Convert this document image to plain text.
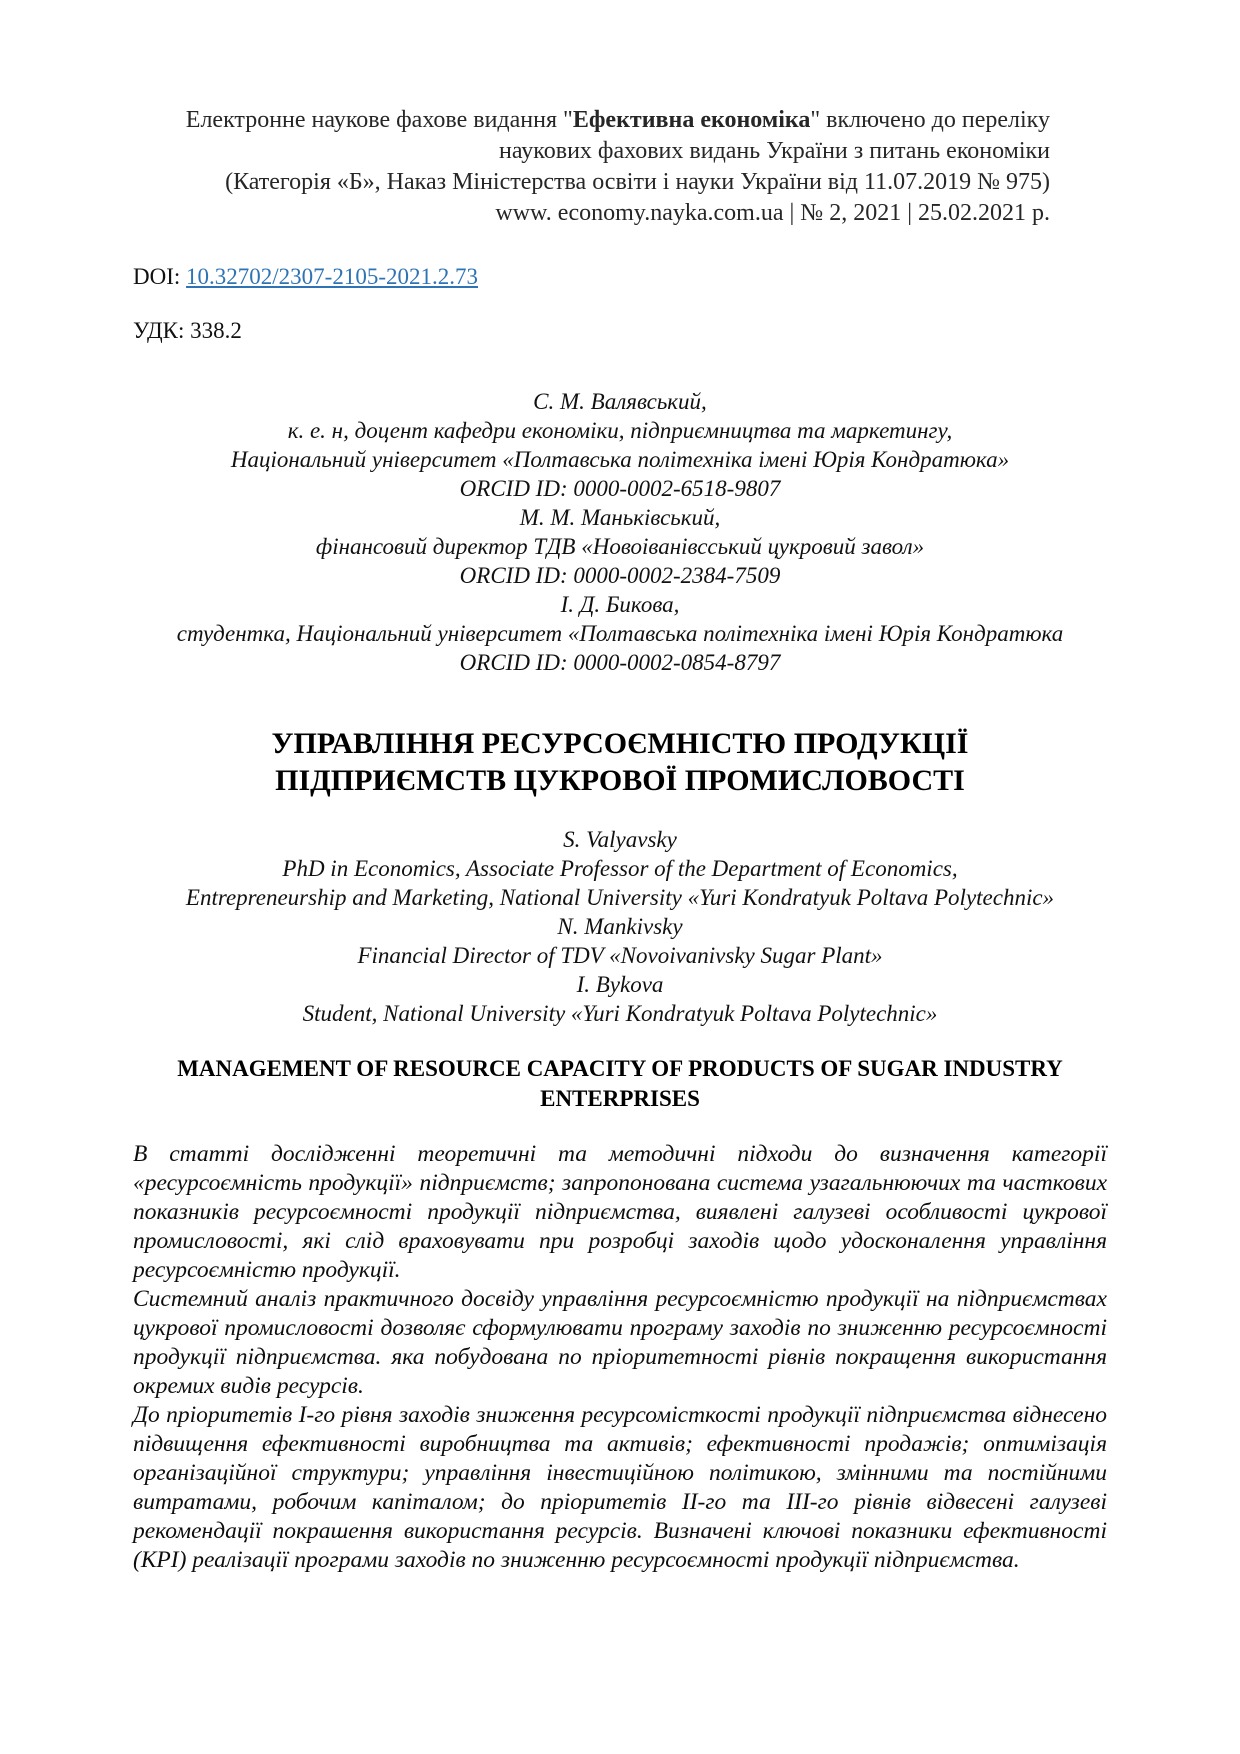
Електронне наукове фахове видання "Ефективна економіка" включено до переліку
наукових фахових видань України з питань економіки
(Категорія «Б», Наказ Міністерства освіти і науки України від 11.07.2019 № 975)
www. economy.nayka.com.ua | № 2, 2021 | 25.02.2021 р.
DOI: 10.32702/2307-2105-2021.2.73
УДК: 338.2
С. М. Валявський,
к. е. н, доцент кафедри економіки, підприємництва та маркетингу,
Національний університет «Полтавська політехніка імені Юрія Кондратюка»
ORCID ID: 0000-0002-6518-9807
М. М. Маньківський,
фінансовий директор ТДВ «Новоіванівсський цукровий завол»
ORCID ID: 0000-0002-2384-7509
І. Д. Бикова,
студентка, Національний університет «Полтавська політехніка імені Юрія Кондратюка
ORCID ID: 0000-0002-0854-8797
УПРАВЛІННЯ РЕСУРСОЄМНІСТЮ ПРОДУКЦІЇ
ПІДПРИЄМСТВ ЦУКРОВОЇ ПРОМИСЛОВОСТІ
S. Valyavsky
PhD in Economics, Associate Professor of the Department of Economics,
Entrepreneurship and Marketing, National University «Yuri Kondratyuk Poltava Polytechnic»
N. Mankivsky
Financial Director of TDV «Novoivanivsky Sugar Plant»
I. Bykova
Student, National University «Yuri Kondratyuk Poltava Polytechnic»
MANAGEMENT OF RESOURCE CAPACITY OF PRODUCTS OF SUGAR INDUSTRY
ENTERPRISES

В статті дослідженні теоретичні та методичні підходи до визначення категорії «ресурсоємність продукції» підприємств; запропонована система узагальнюючих та часткових показників ресурсоємності продукції підприємства, виявлені галузеві особливості цукрової промисловості, які слід враховувати при розробці заходів щодо удосконалення управління ресурсоємністю продукції.

Системний аналіз практичного досвіду управління ресурсоємністю продукції на підприємствах цукрової промисловості дозволяє сформулювати програму заходів по зниженню ресурсоємності продукції підприємства. яка побудована по пріоритетності рівнів покращення використання окремих видів ресурсів.

До пріоритетів І-го рівня заходів зниження ресурсомісткості продукції підприємства віднесено підвищення ефективності виробництва та активів; ефективності продажів; оптимізація організаційної структури; управління інвестиційною політикою, змінними та постійними витратами, робочим капіталом; до пріоритетів ІІ-го та ІІІ-го рівнів відвесені галузеві рекомендації покрашення використання ресурсів. Визначені ключові показники ефективності (КРІ) реалізації програми заходів по зниженню ресурсоємності продукції підприємства.
